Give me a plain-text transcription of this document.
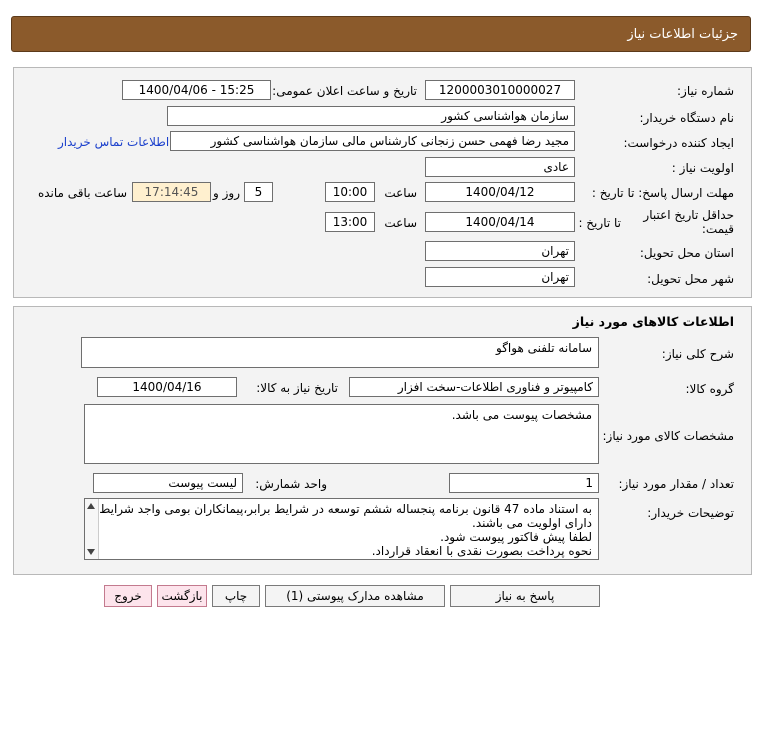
جزئیات اطلاعات نیاز
شماره نیاز:
1200003010000027
تاریخ و ساعت اعلان عمومی:
1400/04/06 - 15:25
نام دستگاه خریدار:
سازمان هواشناسی کشور
ایجاد کننده درخواست:
مجید رضا فهمی حسن زنجانی کارشناس مالی سازمان هواشناسی کشور
اطلاعات تماس خریدار
اولویت نیاز :
عادی
مهلت ارسال پاسخ: تا تاریخ :
1400/04/12
ساعت
10:00
5
روز و
17:14:45
ساعت باقی مانده
حداقل تاریخ اعتبار قیمت:
تا تاریخ :
1400/04/14
ساعت
13:00
استان محل تحویل:
تهران
شهر محل تحویل:
تهران
اطلاعات کالاهای مورد نیاز
شرح کلی نیاز:
سامانه تلفنی هواگو
گروه کالا:
کامپیوتر و فناوری اطلاعات-سخت افزار
تاریخ نیاز به کالا:
1400/04/16
مشخصات کالای مورد نیاز:
مشخصات پیوست می باشد.
تعداد / مقدار مورد نیاز:
1
واحد شمارش:
لیست پیوست
توضیحات خریدار:
به استناد ماده 47 قانون برنامه پنجساله ششم توسعه در شرایط برابر،پیمانکاران بومی واجد شرایط
دارای اولویت می باشند.
لطفا پیش فاکتور پیوست شود.
نحوه پرداخت بصورت نقدی با انعقاد قرارداد.
پاسخ به نیاز
مشاهده مدارک پیوستی (1)
چاپ
بازگشت
خروج
